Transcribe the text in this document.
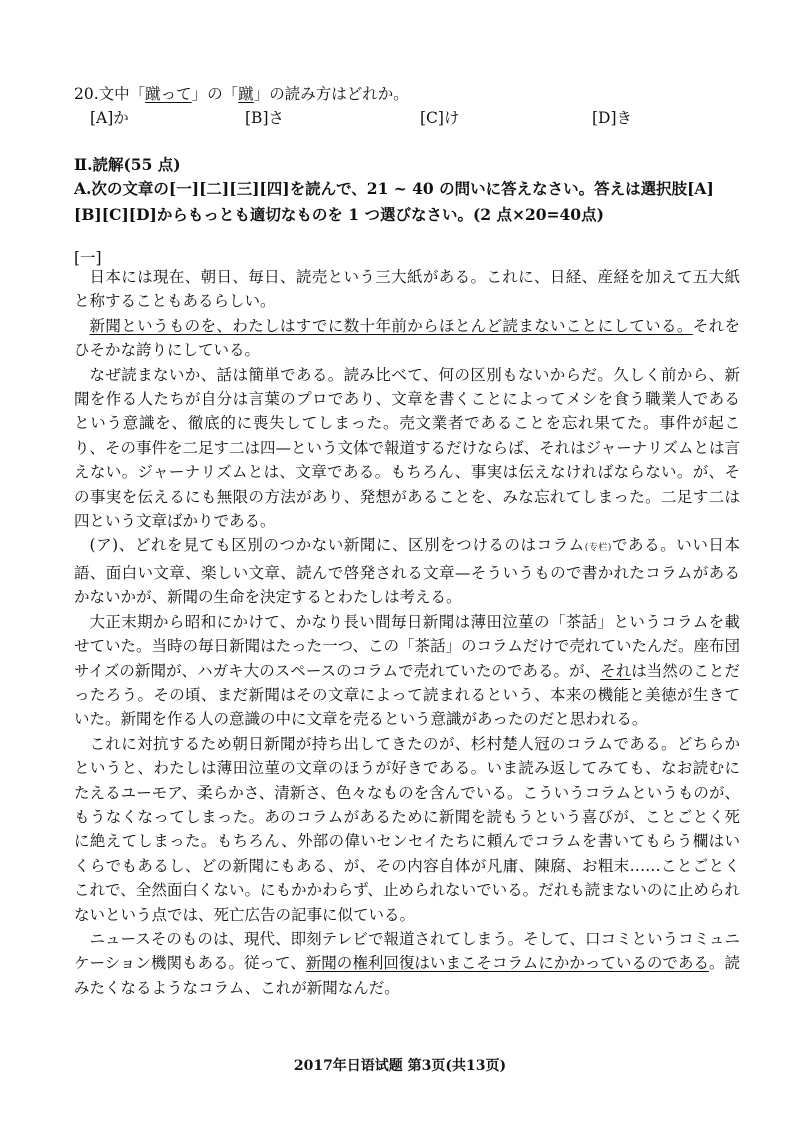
20.文中「蹴って」の「蹴」の読み方はどれか。
[A]か	[B]さ	[C]け	[D]き
Ⅱ.読解(55 点)
A.次の文章の[一][二][三][四]を読んで、21 ~ 40 の問いに答えなさい。答えは選択肢[A][B][C][D]からもっとも適切なものを 1 つ選びなさい。(2 点×20=40点)
[一]

日本には現在、朝日、毎日、読売という三大紙がある。これに、日経、産経を加えて五大紙と称することもあるらしい。

新聞というものを、わたしはすでに数十年前からほとんど読まないことにしている。それをひそかな誇りにしている。

なぜ読まないか、話は簡単である。読み比べて、何の区別もないからだ。久しく前から、新聞を作る人たちが自分は言葉のプロであり、文章を書くことによってメシを食う職業人であるという意識を、徹底的に喪失してしまった。売文業者であることを忘れ果てた。事件が起こり、その事件を二足す二は四—という文体で報道するだけならば、それはジャーナリズムとは言えない。ジャーナリズムとは、文章である。もちろん、事実は伝えなければならない。が、その事実を伝えるにも無限の方法があり、発想があることを、みな忘れてしまった。二足す二は四という文章ばかりである。

(ア)、どれを見ても区別のつかない新聞に、区別をつけるのはコラム(专栏)である。いい日本語、面白い文章、楽しい文章、読んで啓発される文章—そういうもので書かれたコラムがあるかないかが、新聞の生命を決定するとわたしは考える。

大正末期から昭和にかけて、かなり長い間毎日新聞は薄田泣菫の「茶話」というコラムを載せていた。当時の毎日新聞はたった一つ、この「茶話」のコラムだけで売れていたんだ。座布団サイズの新聞が、ハガキ大のスペースのコラムで売れていたのである。が、それは当然のことだったろう。その頃、まだ新聞はその文章によって読まれるという、本来の機能と美徳が生きていた。新聞を作る人の意識の中に文章を売るという意識があったのだと思われる。

これに対抗するため朝日新聞が持ち出してきたのが、杉村楚人冠のコラムである。どちらかというと、わたしは薄田泣菫の文章のほうが好きである。いま読み返してみても、なお読むにたえるユーモア、柔らかさ、清新さ、色々なものを含んでいる。こういうコラムというものが、もうなくなってしまった。あのコラムがあるために新聞を読もうという喜びが、ことごとく死に絶えてしまった。もちろん、外部の偉いセンセイたちに頼んでコラムを書いてもらう欄はいくらでもあるし、どの新聞にもある、が、その内容自体が凡庸、陳腐、お粗末……ことごとくこれで、全然面白くない。にもかかわらず、止められないでいる。だれも読まないのに止められないという点では、死亡広告の記事に似ている。

ニュースそのものは、現代、即刻テレビで報道されてしまう。そして、口コミというコミュニケーション機関もある。従って、新聞の権利回復はいまこそコラムにかかっているのである。読みたくなるようなコラム、これが新聞なんだ。

2017年日语试题 第3页(共13页)
